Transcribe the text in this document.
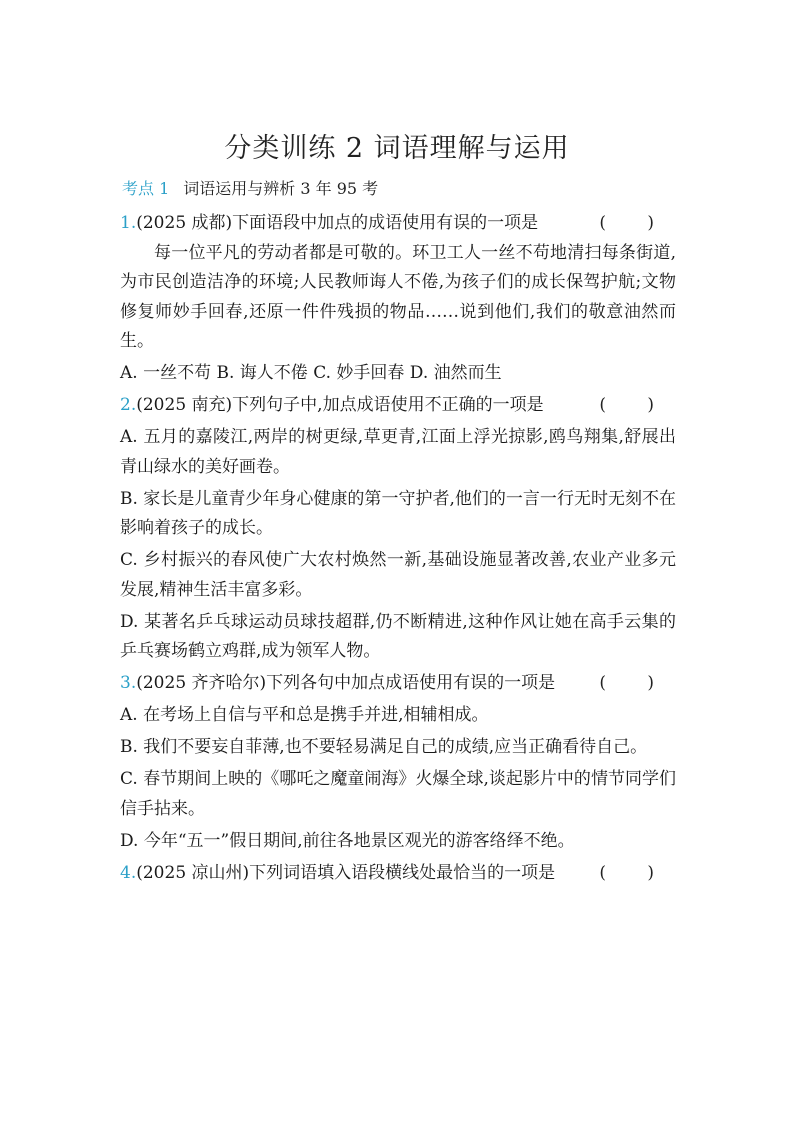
分类训练 2 词语理解与运用
考点 1 词语运用与辨析 3 年 95 考
1.(2025 成都)下面语段中加点的成语使用有误的一项是	( )

每一位平凡的劳动者都是可敬的。环卫工人一丝不苟地清扫每条街道,为市民创造洁净的环境;人民教师诲人不倦,为孩子们的成长保驾护航;文物修复师妙手回春,还原一件件残损的物品……说到他们,我们的敬意油然而生。

A. 一丝不苟 B. 诲人不倦 C. 妙手回春 D. 油然而生
2.(2025 南充)下列句子中,加点成语使用不正确的一项是	( )

A. 五月的嘉陵江,两岸的树更绿,草更青,江面上浮光掠影,鸥鸟翔集,舒展出青山绿水的美好画卷。

B. 家长是儿童青少年身心健康的第一守护者,他们的一言一行无时无刻不在影响着孩子的成长。

C. 乡村振兴的春风使广大农村焕然一新,基础设施显著改善,农业产业多元发展,精神生活丰富多彩。

D. 某著名乒乓球运动员球技超群,仍不断精进,这种作风让她在高手云集的乒乓赛场鹤立鸡群,成为领军人物。

3.(2025 齐齐哈尔)下列各句中加点成语使用有误的一项是	( )

A. 在考场上自信与平和总是携手并进,相辅相成。

B. 我们不要妄自菲薄,也不要轻易满足自己的成绩,应当正确看待自己。

C. 春节期间上映的《哪吒之魔童闹海》火爆全球,谈起影片中的情节同学们信手拈来。

D. 今年“五一”假日期间,前往各地景区观光的游客络绎不绝。

4.(2025 凉山州)下列词语填入语段横线处最恰当的一项是	( )
